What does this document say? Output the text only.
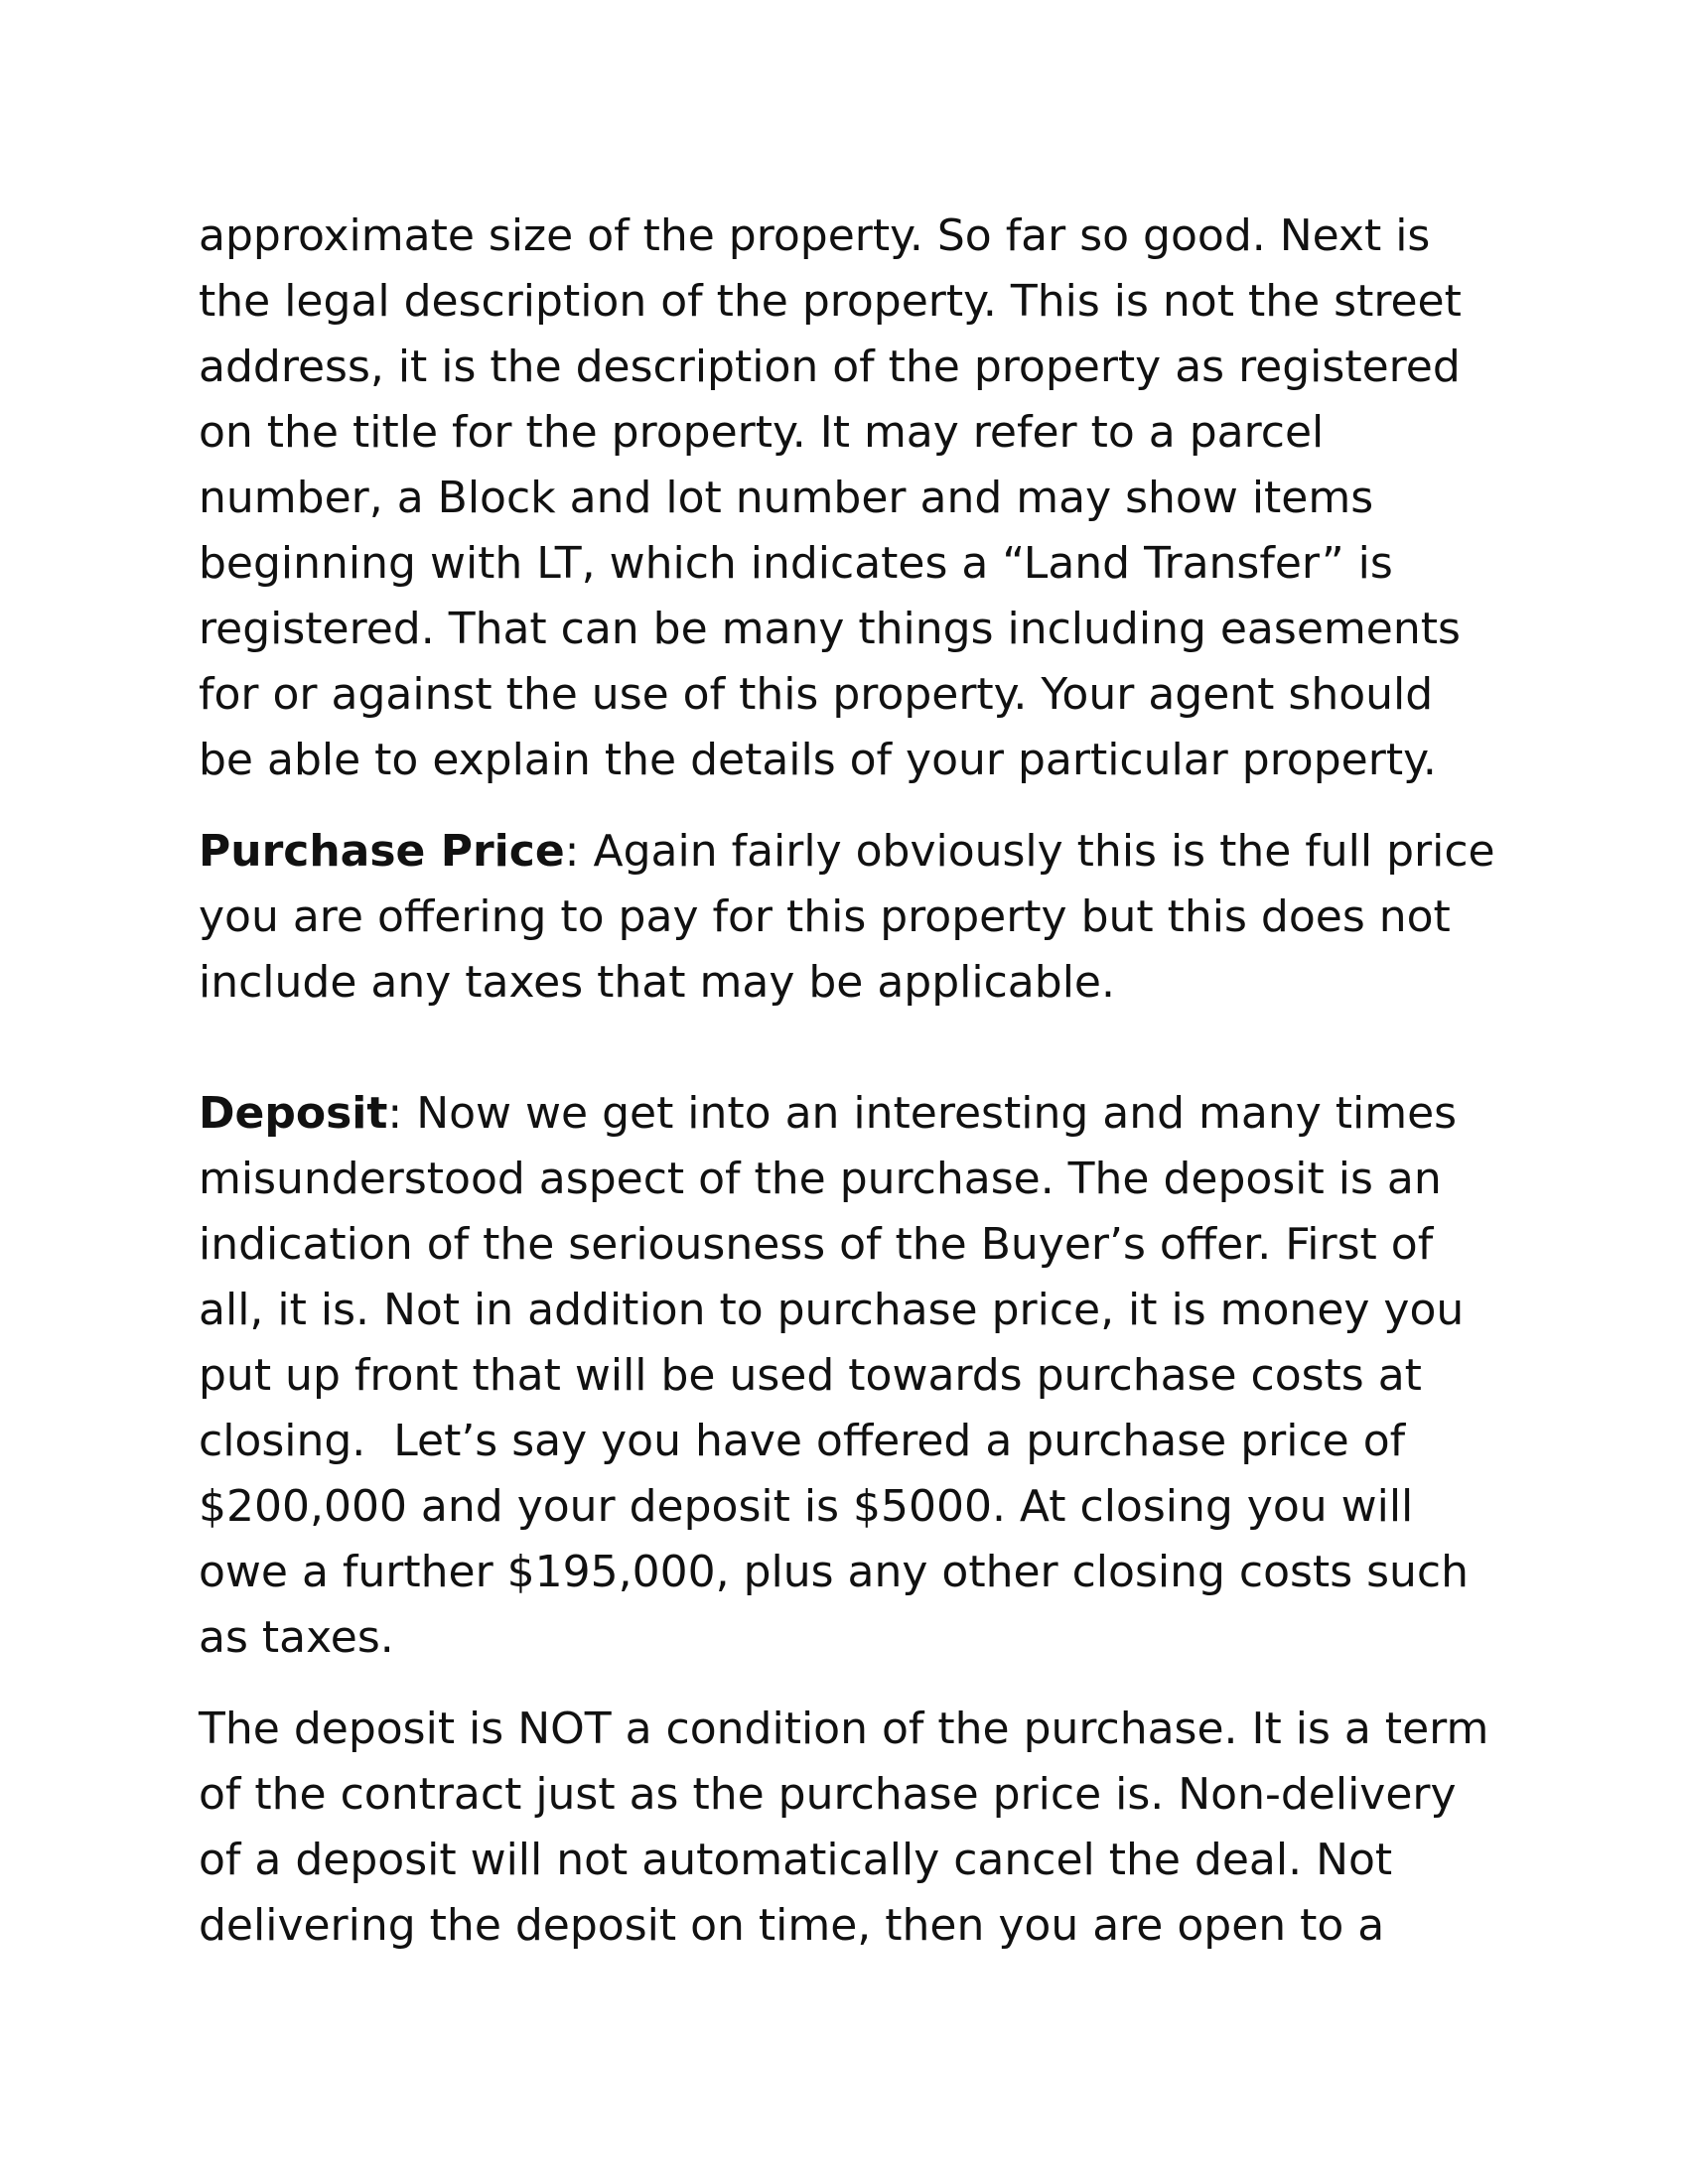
approximate size of the property. So far so good. Next is
the legal description of the property. This is not the street
address, it is the description of the property as registered
on the title for the property. It may refer to a parcel
number, a Block and lot number and may show items
beginning with LT, which indicates a “Land Transfer” is
registered. That can be many things including easements
for or against the use of this property. Your agent should
be able to explain the details of your particular property.
Purchase Price: Again fairly obviously this is the full price
you are offering to pay for this property but this does not
include any taxes that may be applicable.
Deposit: Now we get into an interesting and many times
misunderstood aspect of the purchase. The deposit is an
indication of the seriousness of the Buyer’s offer. First of
all, it is. Not in addition to purchase price, it is money you
put up front that will be used towards purchase costs at
closing.  Let’s say you have offered a purchase price of
$200,000 and your deposit is $5000. At closing you will
owe a further $195,000, plus any other closing costs such
as taxes.
The deposit is NOT a condition of the purchase. It is a term
of the contract just as the purchase price is. Non-delivery
of a deposit will not automatically cancel the deal. Not
delivering the deposit on time, then you are open to a
